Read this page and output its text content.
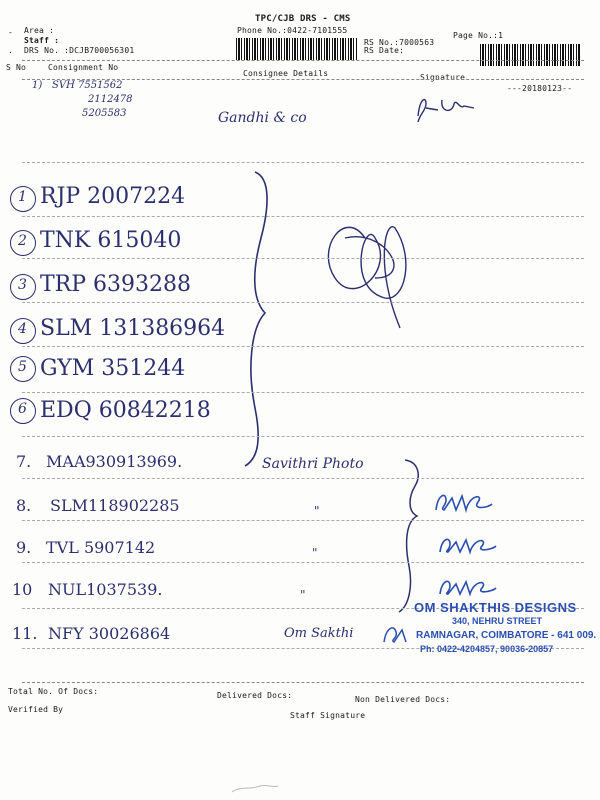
- Area :
Staff :
. DRS No. :DCJB700056301
TPC/CJB DRS - CMS
Phone No.:0422-7101555
Page No.:1
RS No.:7000563
RS Date:
S No	Consignment No
Consignee Details	Signature
1) SVH 7551562
2112478
5205583	Gandhi & co
---20180123--
1 RJP 2007224
2 TNK 615040
3 TRP 6393288
4 SLM 131386964
5 GYM 351244
6 EDQ 60842218
7. MAA930913969.	Savithri Photo
8. SLM118902285	"
9. TVL 5907142	"
10 NUL1037539.	"
11. NFY 30026864	Om Sakthi
OM SHAKTHIS DESIGNS
340, NEHRU STREET
RAMNAGAR, COIMBATORE - 641 009.
Ph: 0422-4204857, 90036-20857
Total No. Of Docs:	Delivered Docs:	Non Delivered Docs:
Verified By
Staff Signature
